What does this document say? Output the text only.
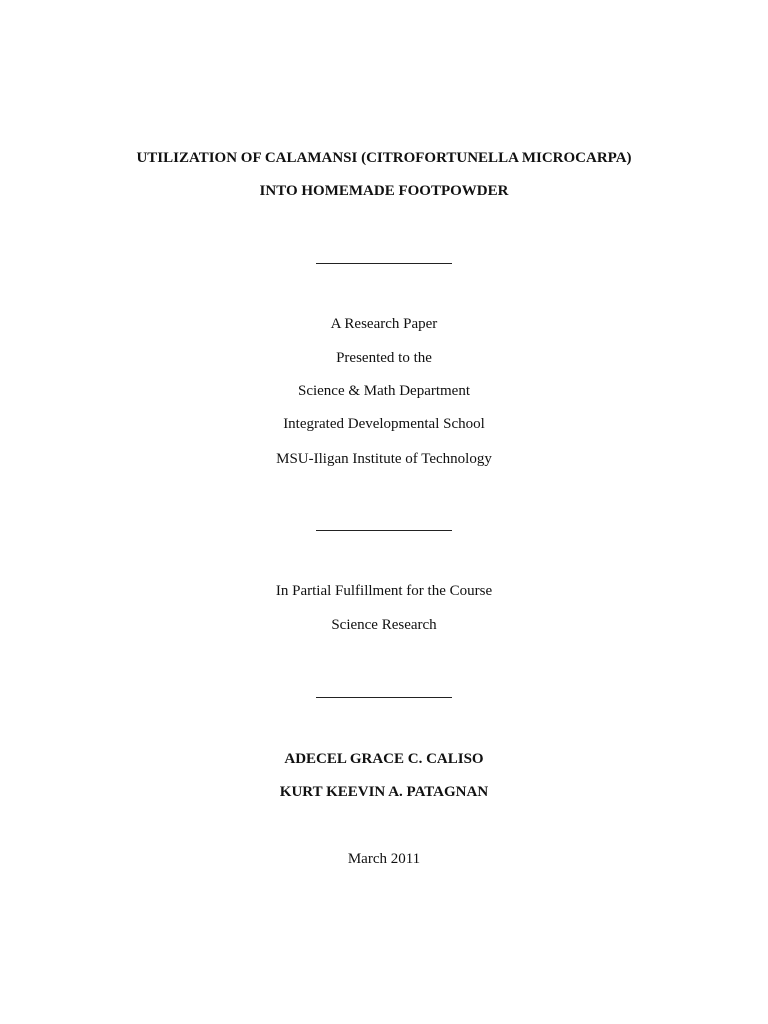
UTILIZATION OF CALAMANSI (CITROFORTUNELLA MICROCARPA)
INTO HOMEMADE FOOTPOWDER
A Research Paper
Presented to the
Science & Math Department
Integrated Developmental School
MSU-Iligan Institute of Technology
In Partial Fulfillment for the Course
Science Research
ADECEL GRACE C. CALISO
KURT KEEVIN A. PATAGNAN
March 2011
